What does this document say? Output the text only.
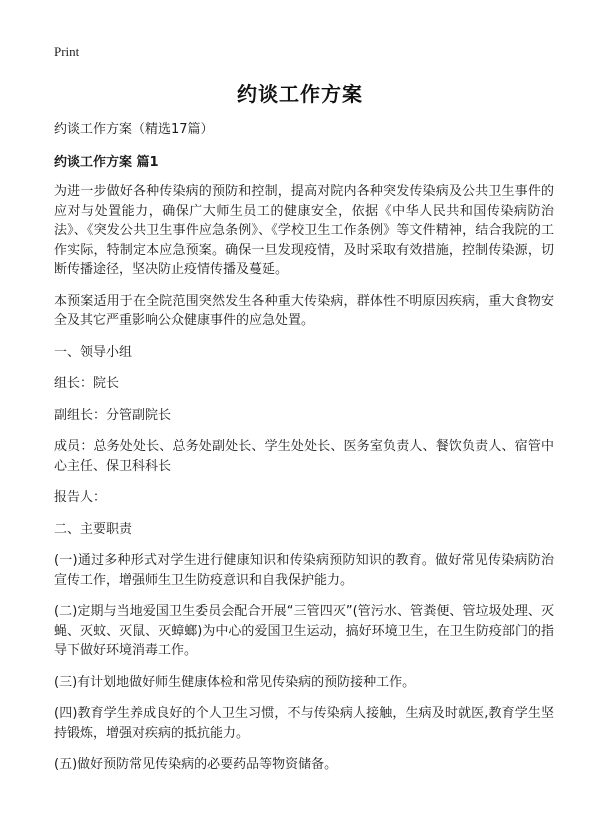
Print
约谈工作方案

约谈工作方案（精选17篇）

约谈工作方案 篇1

为进一步做好各种传染病的预防和控制，提高对院内各种突发传染病及公共卫生事件的应对与处置能力，确保广大师生员工的健康安全，依据《中华人民共和国传染病防治法》、《突发公共卫生事件应急条例》、《学校卫生工作条例》等文件精神，结合我院的工作实际，特制定本应急预案。确保一旦发现疫情，及时采取有效措施，控制传染源，切断传播途径，坚决防止疫情传播及蔓延。

本预案适用于在全院范围突然发生各种重大传染病，群体性不明原因疾病，重大食物安全及其它严重影响公众健康事件的应急处置。

一、领导小组

组长：院长

副组长：分管副院长

成员：总务处处长、总务处副处长、学生处处长、医务室负责人、餐饮负责人、宿管中心主任、保卫科科长

报告人：

二、主要职责

(一)通过多种形式对学生进行健康知识和传染病预防知识的教育。做好常见传染病防治宣传工作，增强师生卫生防疫意识和自我保护能力。

(二)定期与当地爱国卫生委员会配合开展“三管四灭”(管污水、管粪便、管垃圾处理、灭蝇、灭蚊、灭鼠、灭蟑螂)为中心的爱国卫生运动，搞好环境卫生，在卫生防疫部门的指导下做好环境消毒工作。

(三)有计划地做好师生健康体检和常见传染病的预防接种工作。

(四)教育学生养成良好的个人卫生习惯，不与传染病人接触，生病及时就医,教育学生坚持锻炼，增强对疾病的抵抗能力。

(五)做好预防常见传染病的必要药品等物资储备。
